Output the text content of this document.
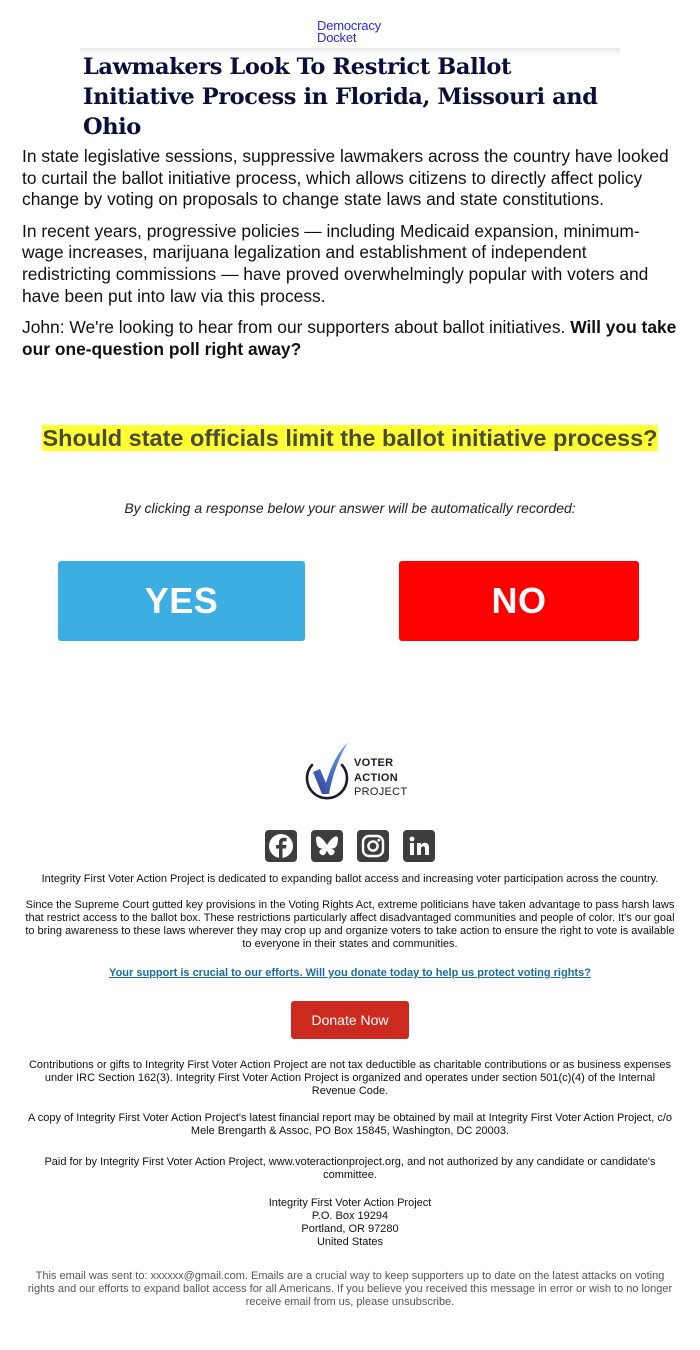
Democracy
Docket
Lawmakers Look To Restrict Ballot Initiative Process in Florida, Missouri and Ohio

In state legislative sessions, suppressive lawmakers across the country have looked to curtail the ballot initiative process, which allows citizens to directly affect policy change by voting on proposals to change state laws and state constitutions.

In recent years, progressive policies — including Medicaid expansion, minimum-wage increases, marijuana legalization and establishment of independent redistricting commissions — have proved overwhelmingly popular with voters and have been put into law via this process.

John: We're looking to hear from our supporters about ballot initiatives. Will you take our one-question poll right away?

Should state officials limit the ballot initiative process?
By clicking a response below your answer will be automatically recorded:
YES	NO
VOTER
ACTION
PROJECT
Integrity First Voter Action Project is dedicated to expanding ballot access and increasing voter participation across the country.
Since the Supreme Court gutted key provisions in the Voting Rights Act, extreme politicians have taken advantage to pass harsh laws that restrict access to the ballot box. These restrictions particularly affect disadvantaged communities and people of color. It's our goal to bring awareness to these laws wherever they may crop up and organize voters to take action to ensure the right to vote is available to everyone in their states and communities.
Your support is crucial to our efforts. Will you donate today to help us protect voting rights?
Donate Now
Contributions or gifts to Integrity First Voter Action Project are not tax deductible as charitable contributions or as business expenses under IRC Section 162(3). Integrity First Voter Action Project is organized and operates under section 501(c)(4) of the Internal Revenue Code.
A copy of Integrity First Voter Action Project's latest financial report may be obtained by mail at Integrity First Voter Action Project, c/o Mele Brengarth & Assoc, PO Box 15845, Washington, DC 20003.
Paid for by Integrity First Voter Action Project, www.voteractionproject.org, and not authorized by any candidate or candidate's committee.
Integrity First Voter Action Project
P.O. Box 19294
Portland, OR 97280
United States
This email was sent to: xxxxxx@gmail.com. Emails are a crucial way to keep supporters up to date on the latest attacks on voting rights and our efforts to expand ballot access for all Americans. If you believe you received this message in error or wish to no longer receive email from us, please unsubscribe.
